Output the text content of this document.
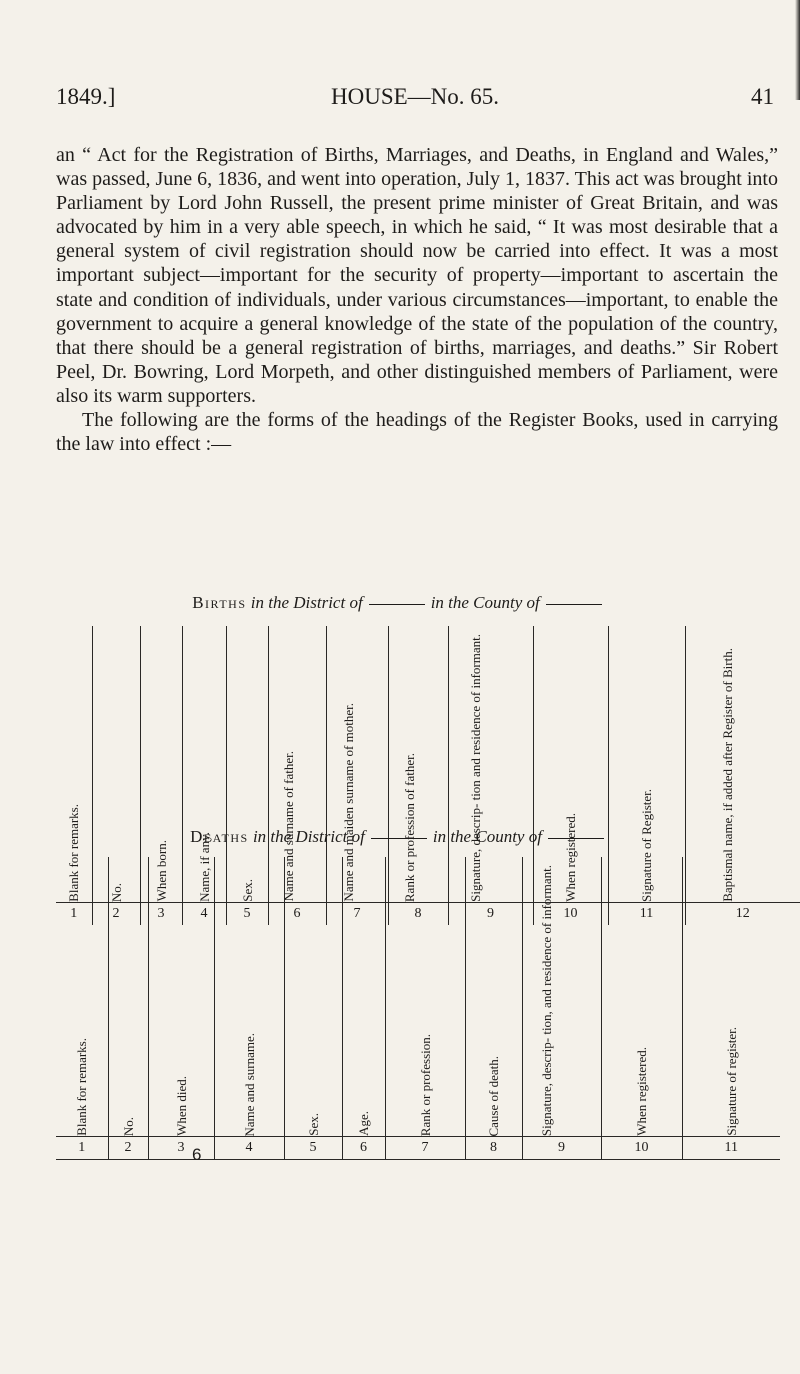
1849.]	HOUSE—No. 65.	41

an “ Act for the Registration of Births, Marriages, and Deaths, in England and Wales,” was passed, June 6, 1836, and went into operation, July 1, 1837. This act was brought into Parliament by Lord John Russell, the present prime minister of Great Britain, and was advocated by him in a very able speech, in which he said, “ It was most desirable that a general system of civil registration should now be carried into effect. It was a most important subject—important for the security of property—important to ascertain the state and condition of individuals, under various circumstances—important, to enable the government to acquire a general knowledge of the state of the population of the country, that there should be a general registration of births, marriages, and deaths.” Sir Robert Peel, Dr. Bowring, Lord Morpeth, and other distinguished members of Parliament, were also its warm supporters.

The following are the forms of the headings of the Register Books, used in carrying the law into effect :—

Births in the District of	in the County of
Blank for remarks.	No.	When born.	Name, if any.	Sex.	Name and surname of father.	Name and maiden surname of mother.	Rank or profession of father.	Signature, descrip- tion and residence of informant.	When registered.	Signature of Register.	Baptismal name, if added after Register of Birth.

1	2	3	4	5	6	7	8	9	10	11	12
Deaths in the District of	in the County of
Blank for remarks.	No.	When died.	Name and surname.	Sex.	Age.	Rank or profession.	Cause of death.	Signature, descrip- tion, and residence of informant.	When registered.	Signature of register.

1	2	3	4	5	6	7	8	9	10	11
6
